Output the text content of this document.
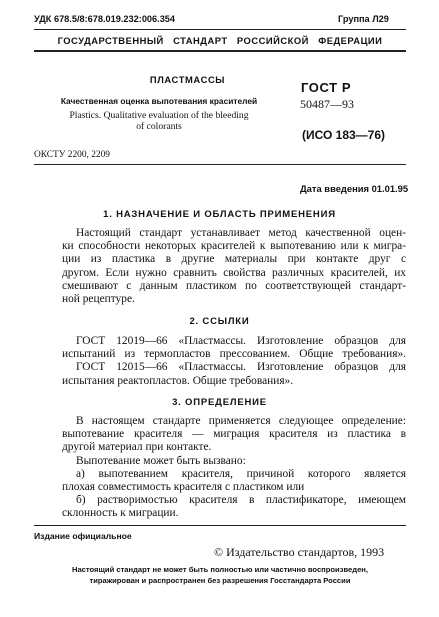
УДК 678.5/8:678.019.232:006.354	Группа Л29
ГОСУДАРСТВЕННЫЙ   СТАНДАРТ   РОССИЙСКОЙ   ФЕДЕРАЦИИ
ПЛАСТМАССЫ
Качественная оценка выпотевания красителей
Plastics. Qualitative evaluation of the bleeding
of colorants
ГОСТ Р
50487—93
(ИСО 183—76)
ОКСТУ 2200, 2209
Дата введения 01.01.95
1. НАЗНАЧЕНИЕ И ОБЛАСТЬ ПРИМЕНЕНИЯ
Настоящий стандарт устанавливает метод качественной оцен-
ки способности некоторых красителей к выпотеванию или к мигра-
ции из пластика в другие материалы при контакте друг с
другом. Если нужно сравнить свойства различных красителей, их
смешивают с данным пластиком по соответствующей стандарт-
ной рецептуре.
2. ССЫЛКИ
ГОСТ 12019—66 «Пластмассы. Изготовление образцов для
испытаний из термопластов прессованием. Общие требования».
ГОСТ 12015—66 «Пластмассы. Изготовление образцов для
испытания реактопластов. Общие требования».
3. ОПРЕДЕЛЕНИЕ
В настоящем стандарте применяется следующее определение:
выпотевание красителя — миграция красителя из пластика в
другой материал при контакте.
Выпотевание может быть вызвано:
а) выпотеванием красителя, причиной которого является
плохая совместимость красителя с пластиком или
б) растворимостью красителя в пластификаторе, имеющем
склонность к миграции.
Издание официальное
© Издательство стандартов, 1993
Настоящий стандарт не может быть полностью или частично воспроизведен,
тиражирован и распространен без разрешения Госстандарта России
